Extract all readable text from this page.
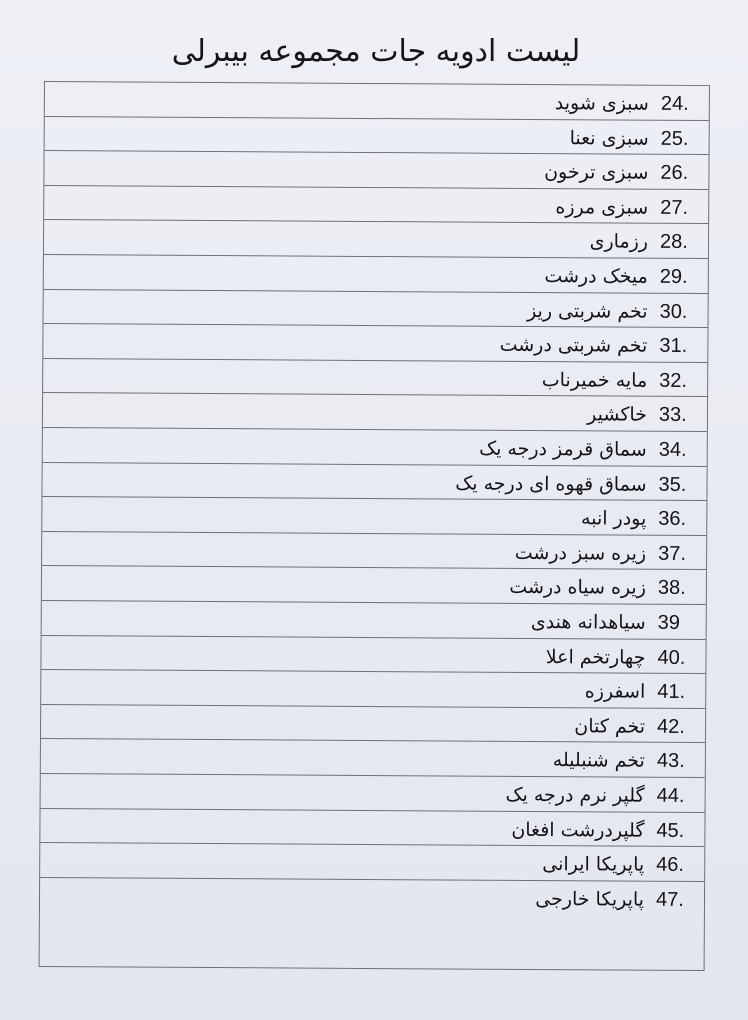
لیست ادویه جات مجموعه بیبرلی
24.
سبزی شوید
25.
سبزی نعنا
26.
سبزی ترخون
27.
سبزی مرزه
28.
رزماری
29.
میخک درشت
30.
تخم شربتی ریز
31.
تخم شربتی درشت
32.
مایه خمیرناب
33.
خاکشیر
34.
سماق قرمز درجه یک
35.
سماق قهوه ای درجه یک
36.
پودر انبه
37.
زیره سبز درشت
38.
زیره سیاه درشت
39
سیاهدانه هندی
40.
چهارتخم اعلا
41.
اسفرزه
42.
تخم کتان
43.
تخم شنبلیله
44.
گلپر نرم درجه یک
45.
گلپردرشت افغان
46.
پاپریکا ایرانی
47.
پاپریکا خارجی
